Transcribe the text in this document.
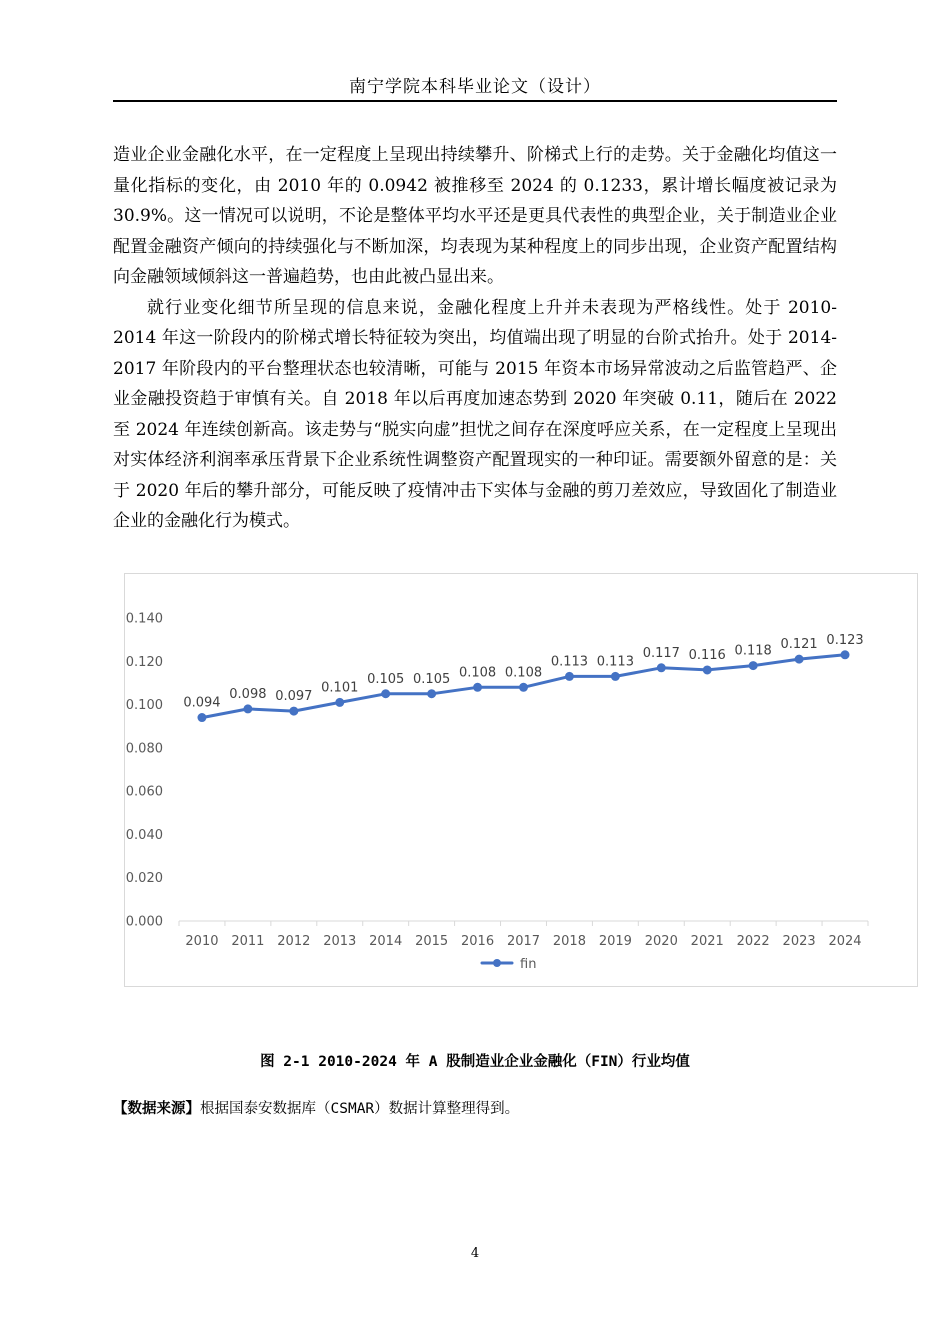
南宁学院本科毕业论文（设计）

造业企业金融化水平，在一定程度上呈现出持续攀升、阶梯式上行的走势。关于金融化均值这一量化指标的变化，由 2010 年的 0.0942 被推移至 2024 的 0.1233，累计增长幅度被记录为 30.9%。这一情况可以说明，不论是整体平均水平还是更具代表性的典型企业，关于制造业企业配置金融资产倾向的持续强化与不断加深，均表现为某种程度上的同步出现，企业资产配置结构向金融领域倾斜这一普遍趋势，也由此被凸显出来。

就行业变化细节所呈现的信息来说，金融化程度上升并未表现为严格线性。处于 2010-2014 年这一阶段内的阶梯式增长特征较为突出，均值端出现了明显的台阶式抬升。处于 2014-2017 年阶段内的平台整理状态也较清晰，可能与 2015 年资本市场异常波动之后监管趋严、企业金融投资趋于审慎有关。自 2018 年以后再度加速态势到 2020 年突破 0.11，随后在 2022 至 2024 年连续创新高。该走势与“脱实向虚”担忧之间存在深度呼应关系，在一定程度上呈现出对实体经济利润率承压背景下企业系统性调整资产配置现实的一种印证。需要额外留意的是：关于 2020 年后的攀升部分，可能反映了疫情冲击下实体与金融的剪刀差效应，导致固化了制造业企业的金融化行为模式。

0.000
0.020
0.040
0.060
0.080
0.100
0.120
0.140
2010 2011 2012 2013 2014 2015 2016 2017 2018 2019 2020 2021 2022 2023 2024
0.094
0.098 0.097
0.101
0.105 0.105 0.108 0.108
0.113 0.113
0.117 0.116 0.118 0.121 0.123
fin
图 2-1 2010-2024 年 A 股制造业企业金融化（FIN）行业均值
【数据来源】根据国泰安数据库（CSMAR）数据计算整理得到。
4
